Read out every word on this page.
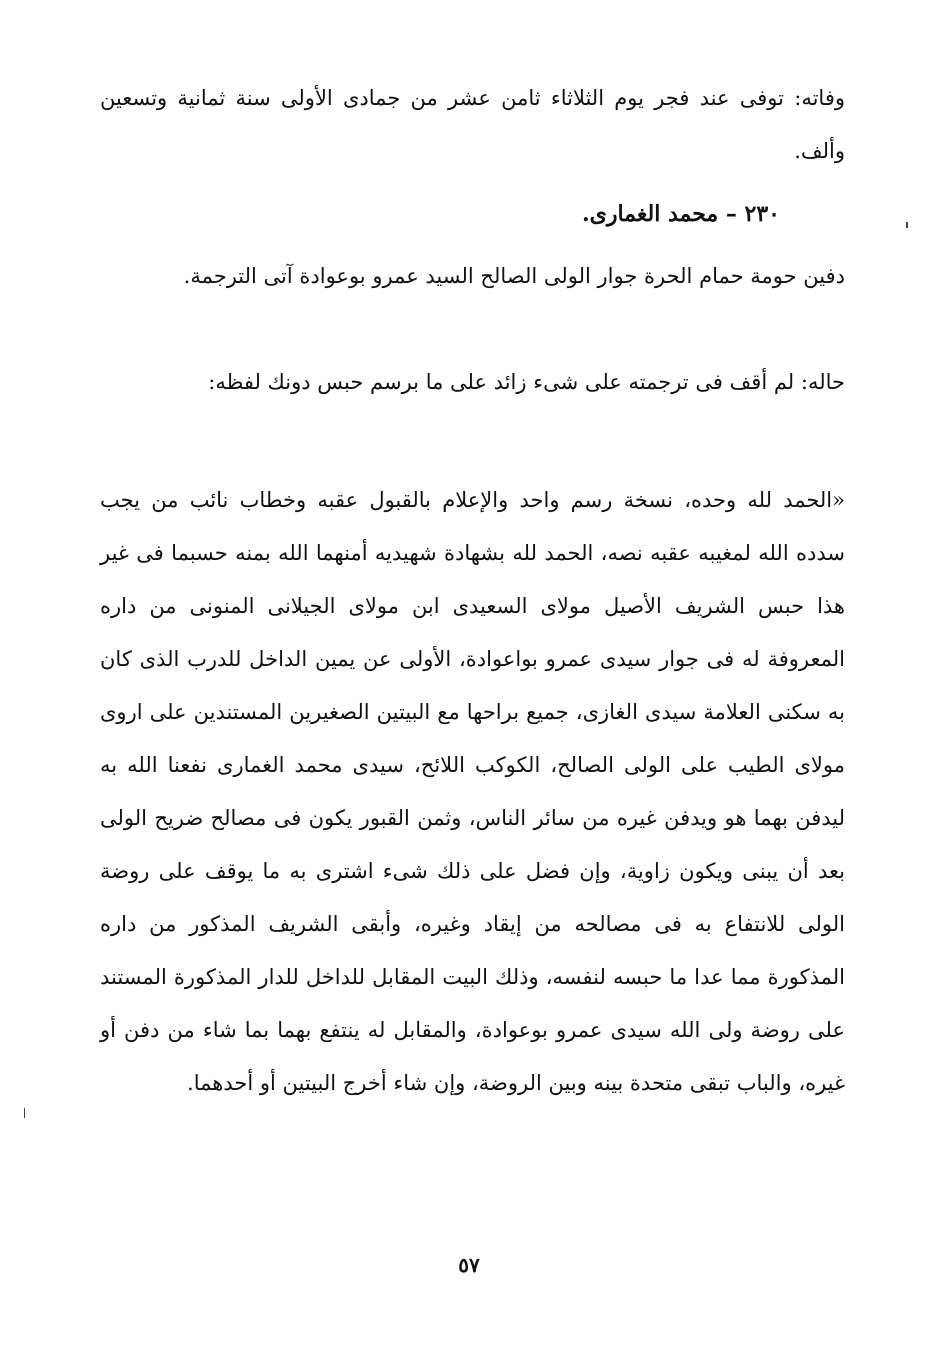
وفاته: توفى عند فجر يوم الثلاثاء ثامن عشر من جمادى الأولى سنة ثمانية وتسعين وألف.

٢٣٠ – محمد الغمارى.

دفين حومة حمام الحرة جوار الولى الصالح السيد عمرو بوعوادة آتى الترجمة.

حاله: لم أقف فى ترجمته على شىء زائد على ما برسم حبس دونك لفظه:

«الحمد لله وحده، نسخة رسم واحد والإعلام بالقبول عقبه وخطاب نائب من يجب سدده الله لمغيبه عقبه نصه، الحمد لله بشهادة شهيديه أمنهما الله بمنه حسبما فى غير هذا حبس الشريف الأصيل مولاى السعيدى ابن مولاى الجيلانى المنونى من داره المعروفة له فى جوار سيدى عمرو بواعوادة، الأولى عن يمين الداخل للدرب الذى كان به سكنى العلامة سيدى الغازى، جميع براحها مع البيتين الصغيرين المستندين على اروى مولاى الطيب على الولى الصالح، الكوكب اللائح، سيدى محمد الغمارى نفعنا الله به ليدفن بهما هو ويدفن غيره من سائر الناس، وثمن القبور يكون فى مصالح ضريح الولى بعد أن يبنى ويكون زاوية، وإن فضل على ذلك شىء اشترى به ما يوقف على روضة الولى للانتفاع به فى مصالحه من إيقاد وغيره، وأبقى الشريف المذكور من داره المذكورة مما عدا ما حبسه لنفسه، وذلك البيت المقابل للداخل للدار المذكورة المستند على روضة ولى الله سيدى عمرو بوعوادة، والمقابل له ينتفع بهما بما شاء من دفن أو غيره، والباب تبقى متحدة بينه وبين الروضة، وإن شاء أخرج البيتين أو أحدهما.

٥٧
